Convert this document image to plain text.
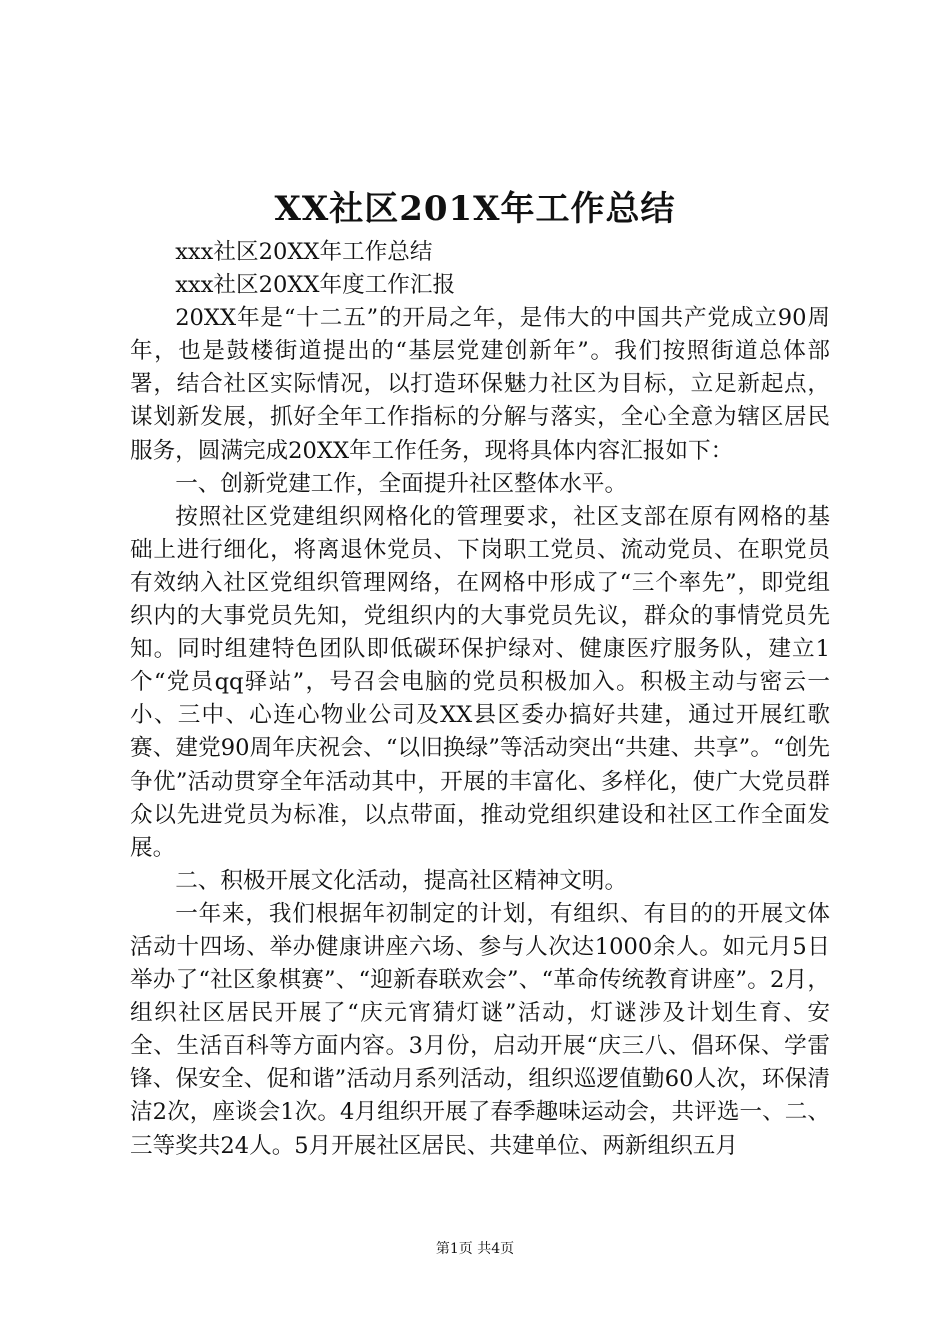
XX社区201X年工作总结

xxx社区20XX年工作总结

xxx社区20XX年度工作汇报

20XX年是“十二五”的开局之年，是伟大的中国共产党成立90周年，也是鼓楼街道提出的“基层党建创新年”。我们按照街道总体部署，结合社区实际情况，以打造环保魅力社区为目标，立足新起点，谋划新发展，抓好全年工作指标的分解与落实，全心全意为辖区居民服务，圆满完成20XX年工作任务，现将具体内容汇报如下：

一、创新党建工作，全面提升社区整体水平。

按照社区党建组织网格化的管理要求，社区支部在原有网格的基础上进行细化，将离退休党员、下岗职工党员、流动党员、在职党员有效纳入社区党组织管理网络，在网格中形成了“三个率先”，即党组织内的大事党员先知，党组织内的大事党员先议，群众的事情党员先知。同时组建特色团队即低碳环保护绿对、健康医疗服务队，建立1个“党员qq驿站”，号召会电脑的党员积极加入。积极主动与密云一小、三中、心连心物业公司及XX县区委办搞好共建，通过开展红歌赛、建党90周年庆祝会、“以旧换绿”等活动突出“共建、共享”。“创先争优”活动贯穿全年活动其中，开展的丰富化、多样化，使广大党员群众以先进党员为标准，以点带面，推动党组织建设和社区工作全面发展。

二、积极开展文化活动，提高社区精神文明。

一年来，我们根据年初制定的计划，有组织、有目的的开展文体活动十四场、举办健康讲座六场、参与人次达1000余人。如元月5日举办了“社区象棋赛”、“迎新春联欢会”、“革命传统教育讲座”。2月，组织社区居民开展了“庆元宵猜灯谜”活动，灯谜涉及计划生育、安全、生活百科等方面内容。3月份，启动开展“庆三八、倡环保、学雷锋、保安全、促和谐”活动月系列活动，组织巡逻值勤60人次，环保清洁2次，座谈会1次。4月组织开展了春季趣味运动会，共评选一、二、三等奖共24人。5月开展社区居民、共建单位、两新组织五月

第1页 共4页
